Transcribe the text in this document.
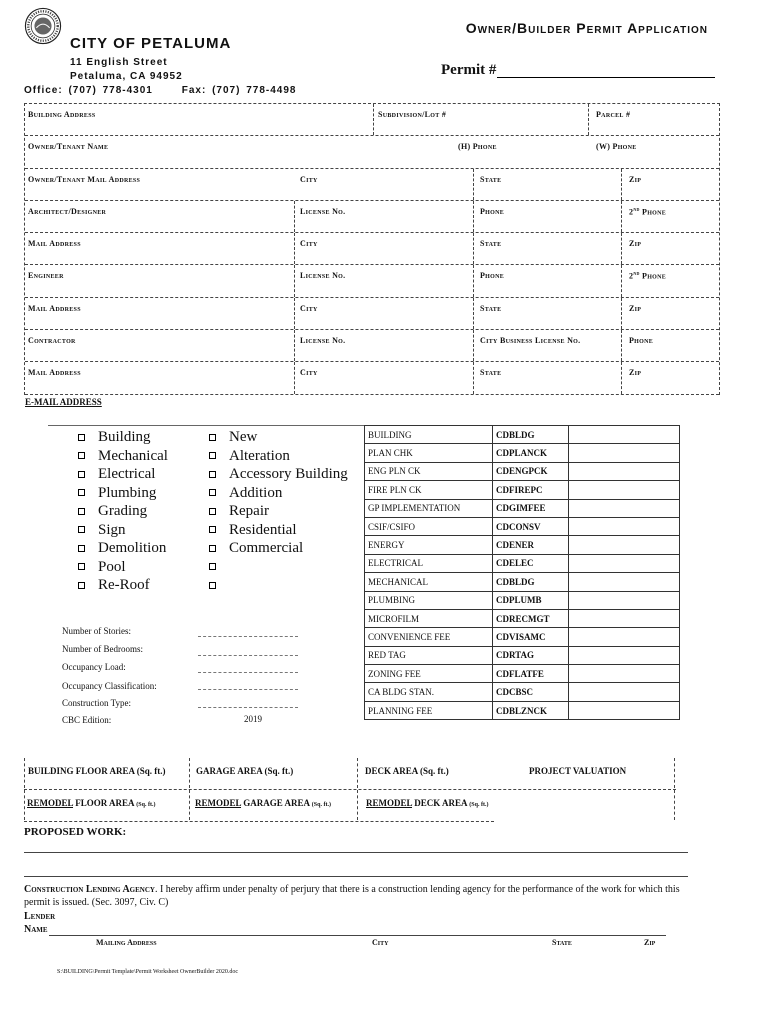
CITY OF PETALUMA
11 English Street
Petaluma, CA 94952
Office: (707) 778-4301	Fax: (707) 778-4498
Owner/Builder Permit Application
Permit #
Building Address	Subdivision/Lot #	Parcel #
Owner/Tenant Name	(H) Phone	(W) Phone
Owner/Tenant Mail Address	City	State	Zip
Architect/Designer	License No.	Phone	2nd Phone
Mail Address	City	State	Zip
Engineer	License No.	Phone	2nd Phone
Mail Address	City	State	Zip
Contractor	License No.	City Business License No.	Phone
Mail Address	City	State	Zip
E-MAIL ADDRESS
Building
Mechanical
Electrical
Plumbing
Grading
Sign
Demolition
Pool
Re-Roof
New
Alteration
Accessory Building
Addition
Repair
Residential
Commercial
BUILDING	CDBLDG	
PLAN CHK	CDPLANCK	
ENG PLN CK	CDENGPCK	
FIRE PLN CK	CDFIREPC	
GP IMPLEMENTATION	CDGIMFEE	
CSIF/CSIFO	CDCONSV	
ENERGY	CDENER	
ELECTRICAL	CDELEC	
MECHANICAL	CDBLDG	
PLUMBING	CDPLUMB	
MICROFILM	CDRECMGT	
CONVENIENCE FEE	CDVISAMC	
RED TAG	CDRTAG	
ZONING FEE	CDFLATFE	
CA BLDG STAN.	CDCBSC	
PLANNING FEE	CDBLZNCK	
Number of Stories:
Number of Bedrooms:
Occupancy Load:
Occupancy Classification:
Construction Type:
CBC Edition:	2019
BUILDING FLOOR AREA (Sq. ft.)	GARAGE AREA (Sq. ft.)	DECK AREA (Sq. ft.)	PROJECT VALUATION
REMODEL FLOOR AREA (Sq. ft.)	REMODEL GARAGE AREA (Sq. ft.)	REMODEL DECK AREA (Sq. ft.)
PROPOSED WORK:
Construction Lending Agency. I hereby affirm under penalty of perjury that there is a construction lending agency for the performance of the work for which this permit is issued. (Sec. 3097, Civ. C)
Lender
Name
Mailing Address	City	State	Zip
S:\BUILDING\Permit Template\Permit Worksheet OwnerBuilder 2020.doc
